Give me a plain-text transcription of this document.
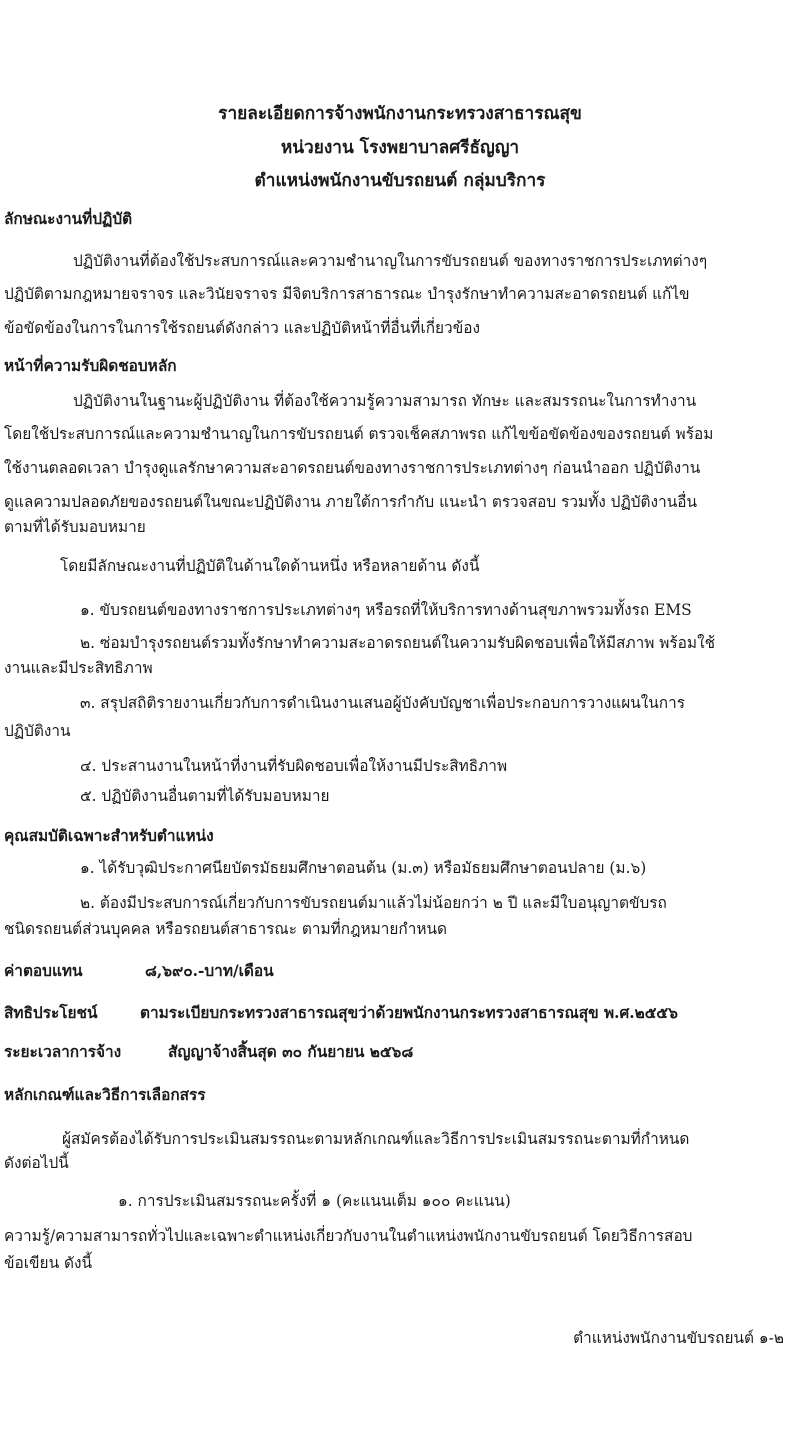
รายละเอียดการจ้างพนักงานกระทรวงสาธารณสุข
หน่วยงาน โรงพยาบาลศรีธัญญา
ตำแหน่งพนักงานขับรถยนต์ กลุ่มบริการ
ลักษณะงานที่ปฏิบัติ
ปฏิบัติงานที่ต้องใช้ประสบการณ์และความชำนาญในการขับรถยนต์ ของทางราชการประเภทต่างๆ
ปฏิบัติตามกฎหมายจราจร และวินัยจราจร มีจิตบริการสาธารณะ บำรุงรักษาทำความสะอาดรถยนต์ แก้ไข
ข้อขัดข้องในการในการใช้รถยนต์ดังกล่าว และปฏิบัติหน้าที่อื่นที่เกี่ยวข้อง
หน้าที่ความรับผิดชอบหลัก
ปฏิบัติงานในฐานะผู้ปฏิบัติงาน ที่ต้องใช้ความรู้ความสามารถ ทักษะ และสมรรถนะในการทำงาน
โดยใช้ประสบการณ์และความชำนาญในการขับรถยนต์ ตรวจเช็คสภาพรถ แก้ไขข้อขัดข้องของรถยนต์ พร้อม
ใช้งานตลอดเวลา บำรุงดูแลรักษาความสะอาดรถยนต์ของทางราชการประเภทต่างๆ ก่อนนำออก ปฏิบัติงาน
ดูแลความปลอดภัยของรถยนต์ในขณะปฏิบัติงาน ภายใต้การกำกับ แนะนำ ตรวจสอบ รวมทั้ง ปฏิบัติงานอื่น
ตามที่ได้รับมอบหมาย
โดยมีลักษณะงานที่ปฏิบัติในด้านใดด้านหนึ่ง หรือหลายด้าน ดังนี้
๑. ขับรถยนต์ของทางราชการประเภทต่างๆ หรือรถที่ให้บริการทางด้านสุขภาพรวมทั้งรถ EMS
๒. ซ่อมบำรุงรถยนต์รวมทั้งรักษาทำความสะอาดรถยนต์ในความรับผิดชอบเพื่อให้มีสภาพ พร้อมใช้
งานและมีประสิทธิภาพ
๓. สรุปสถิติรายงานเกี่ยวกับการดำเนินงานเสนอผู้บังคับบัญชาเพื่อประกอบการวางแผนในการ
ปฏิบัติงาน
๔. ประสานงานในหน้าที่งานที่รับผิดชอบเพื่อให้งานมีประสิทธิภาพ
๕. ปฏิบัติงานอื่นตามที่ได้รับมอบหมาย
คุณสมบัติเฉพาะสำหรับตำแหน่ง
๑. ได้รับวุฒิประกาศนียบัตรมัธยมศึกษาตอนต้น (ม.๓) หรือมัธยมศึกษาตอนปลาย (ม.๖)
๒. ต้องมีประสบการณ์เกี่ยวกับการขับรถยนต์มาแล้วไม่น้อยกว่า ๒ ปี และมีใบอนุญาตขับรถ
ชนิดรถยนต์ส่วนบุคคล หรือรถยนต์สาธารณะ ตามที่กฎหมายกำหนด
ค่าตอบแทน	๘,๖๙๐.-บาท/เดือน
สิทธิประโยชน์	ตามระเบียบกระทรวงสาธารณสุขว่าด้วยพนักงานกระทรวงสาธารณสุข พ.ศ.๒๕๕๖
ระยะเวลาการจ้าง	สัญญาจ้างสิ้นสุด ๓๐ กันยายน ๒๕๖๘
หลักเกณฑ์และวิธีการเลือกสรร
ผู้สมัครต้องได้รับการประเมินสมรรถนะตามหลักเกณฑ์และวิธีการประเมินสมรรถนะตามที่กำหนด
ดังต่อไปนี้
๑. การประเมินสมรรถนะครั้งที่ ๑ (คะแนนเต็ม ๑๐๐ คะแนน)
ความรู้/ความสามารถทั่วไปและเฉพาะตำแหน่งเกี่ยวกับงานในตำแหน่งพนักงานขับรถยนต์ โดยวิธีการสอบ
ข้อเขียน ดังนี้
ตำแหน่งพนักงานขับรถยนต์ ๑-๒
